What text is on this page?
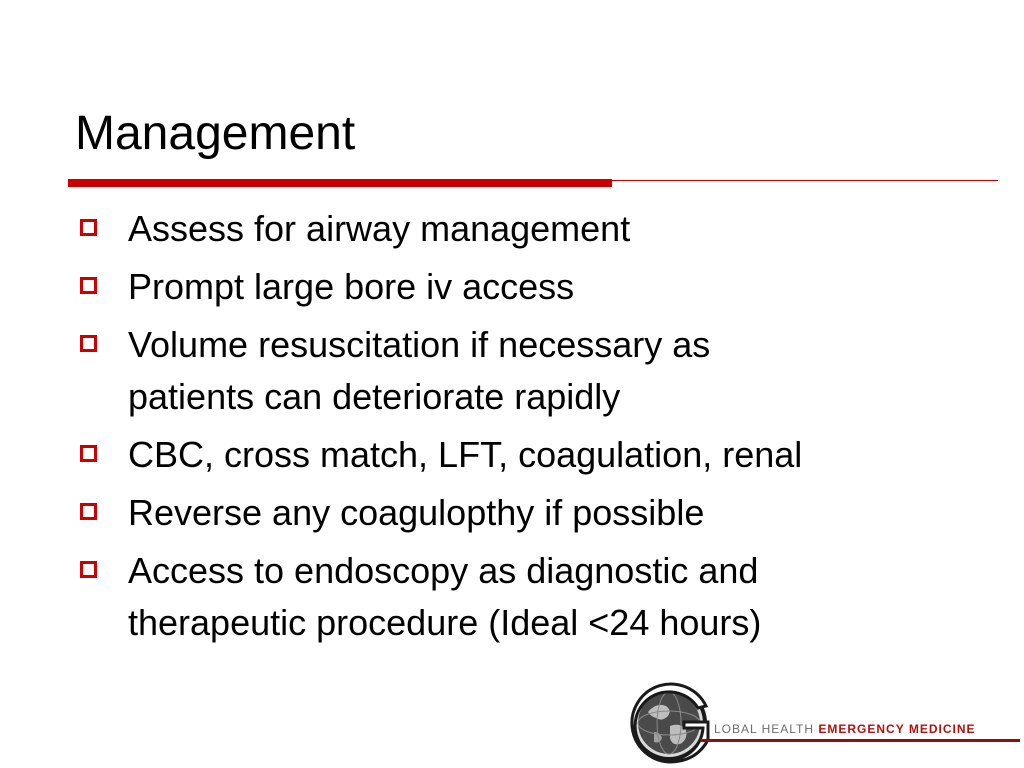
Management
Assess for airway management
Prompt large bore iv access
Volume resuscitation if necessary as patients can deteriorate rapidly
CBC, cross match, LFT, coagulation, renal
Reverse any coagulopthy if possible
Access to endoscopy as diagnostic and therapeutic procedure (Ideal <24 hours)
LOBAL HEALTH EMERGENCY MEDICINE
